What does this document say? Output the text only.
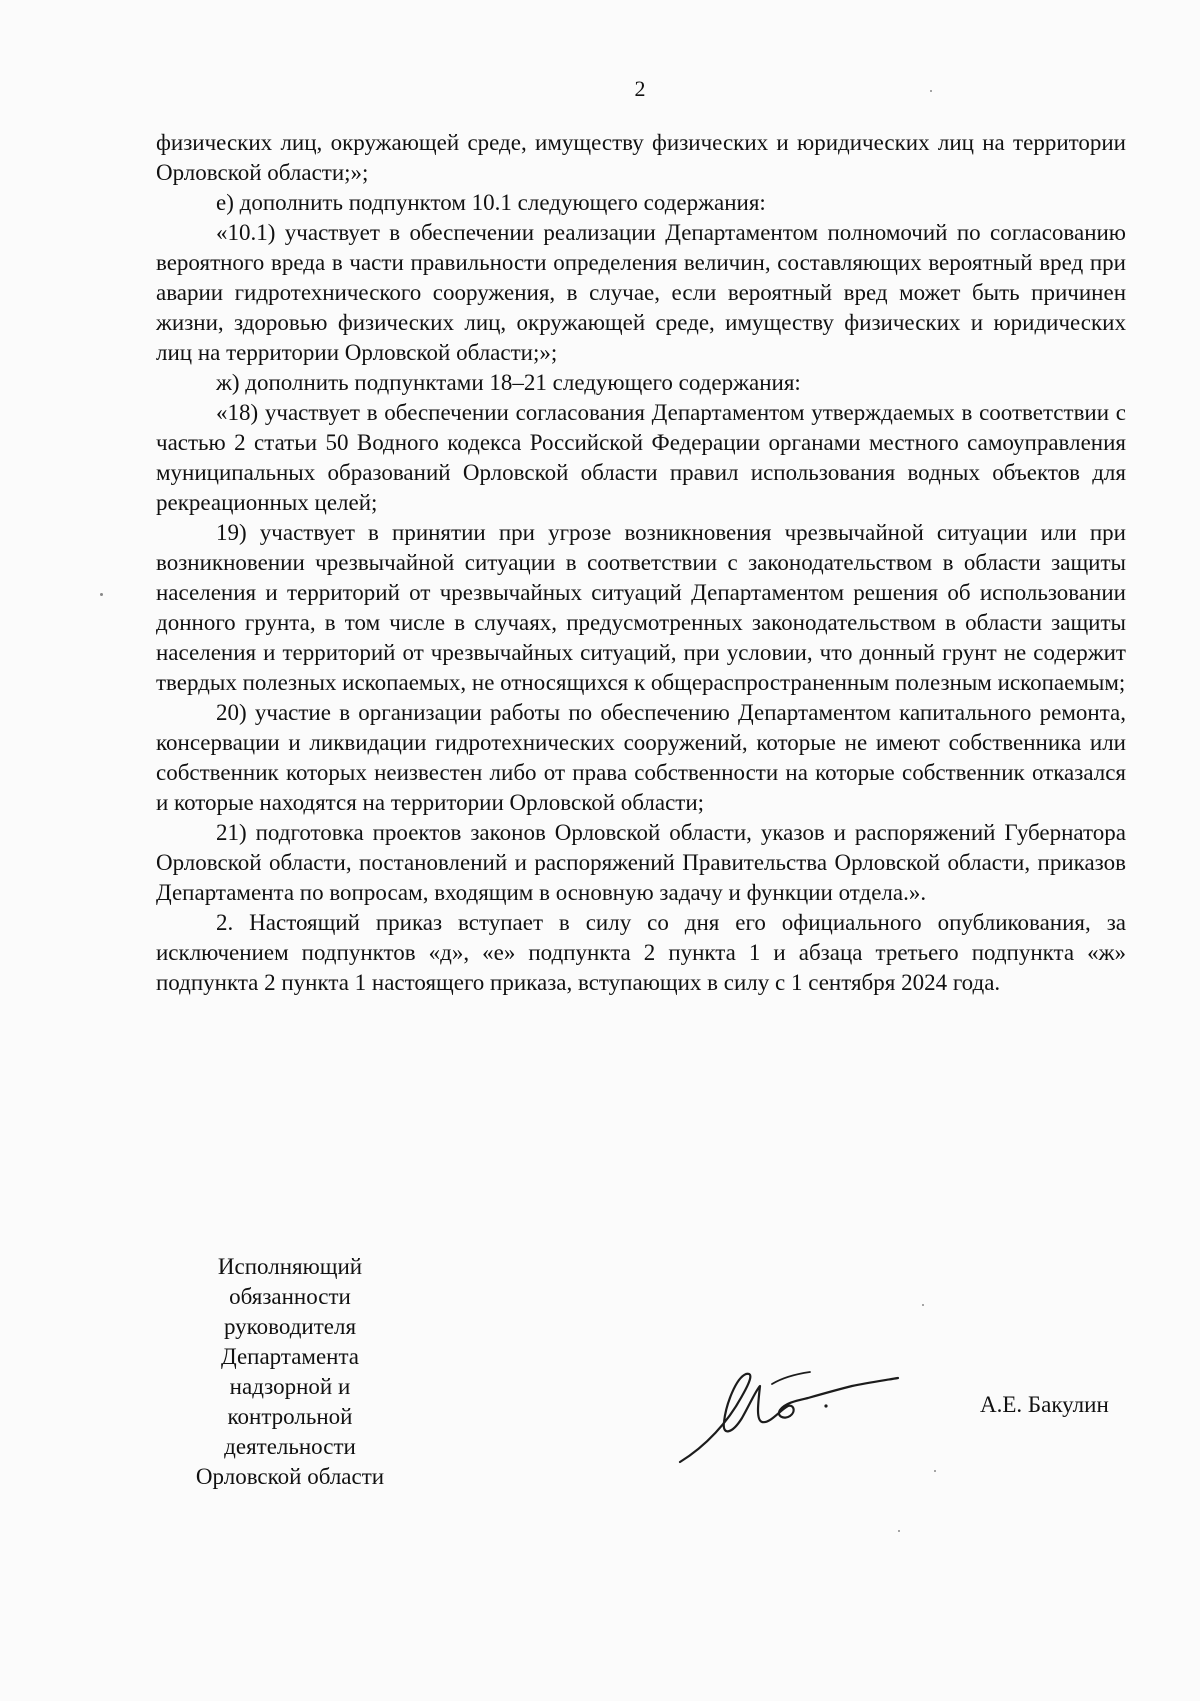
2

физических лиц, окружающей среде, имуществу физических и юридических лиц на территории Орловской области;»;

е) дополнить подпунктом 10.1 следующего содержания:

«10.1) участвует в обеспечении реализации Департаментом полномочий по согласованию вероятного вреда в части правильности определения величин, составляющих вероятный вред при аварии гидротехнического сооружения, в случае, если вероятный вред может быть причинен жизни, здоровью физических лиц, окружающей среде, имуществу физических и юридических лиц на территории Орловской области;»;

ж) дополнить подпунктами 18–21 следующего содержания:

«18) участвует в обеспечении согласования Департаментом утверждаемых в соответствии с частью 2 статьи 50 Водного кодекса Российской Федерации органами местного самоуправления муниципальных образований Орловской области правил использования водных объектов для рекреационных целей;

19) участвует в принятии при угрозе возникновения чрезвычайной ситуации или при возникновении чрезвычайной ситуации в соответствии с законодательством в области защиты населения и территорий от чрезвычайных ситуаций Департаментом решения об использовании донного грунта, в том числе в случаях, предусмотренных законодательством в области защиты населения и территорий от чрезвычайных ситуаций, при условии, что донный грунт не содержит твердых полезных ископаемых, не относящихся к общераспространенным полезным ископаемым;

20) участие в организации работы по обеспечению Департаментом капитального ремонта, консервации и ликвидации гидротехнических сооружений, которые не имеют собственника или собственник которых неизвестен либо от права собственности на которые собственник отказался и которые находятся на территории Орловской области;

21) подготовка проектов законов Орловской области, указов и распоряжений Губернатора Орловской области, постановлений и распоряжений Правительства Орловской области, приказов Департамента по вопросам, входящим в основную задачу и функции отдела.».

2. Настоящий приказ вступает в силу со дня его официального опубликования, за исключением подпунктов «д», «е» подпункта 2 пункта 1 и абзаца третьего подпункта «ж» подпункта 2 пункта 1 настоящего приказа, вступающих в силу с 1 сентября 2024 года.

Исполняющий
обязанности
руководителя
Департамента
надзорной и
контрольной
деятельности
Орловской области
А.Е. Бакулин
